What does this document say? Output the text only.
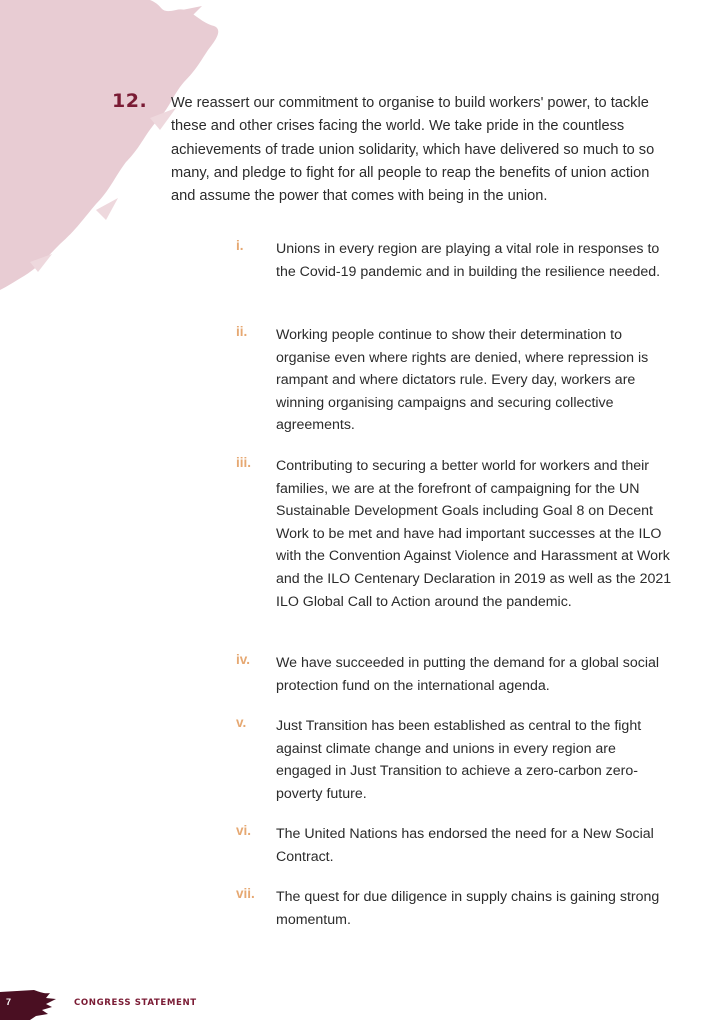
12. We reassert our commitment to organise to build workers' power, to tackle these and other crises facing the world. We take pride in the countless achievements of trade union solidarity, which have delivered so much to so many, and pledge to fight for all people to reap the benefits of union action and assume the power that comes with being in the union.

i. Unions in every region are playing a vital role in responses to the Covid-19 pandemic and in building the resilience needed.

ii. Working people continue to show their determination to organise even where rights are denied, where repression is rampant and where dictators rule. Every day, workers are winning organising campaigns and securing collective agreements.

iii. Contributing to securing a better world for workers and their families, we are at the forefront of campaigning for the UN Sustainable Development Goals including Goal 8 on Decent Work to be met and have had important successes at the ILO with the Convention Against Violence and Harassment at Work and the ILO Centenary Declaration in 2019 as well as the 2021 ILO Global Call to Action around the pandemic.

iv. We have succeeded in putting the demand for a global social protection fund on the international agenda.

v. Just Transition has been established as central to the fight against climate change and unions in every region are engaged in Just Transition to achieve a zero-carbon zero-poverty future.

vi. The United Nations has endorsed the need for a New Social Contract.

vii. The quest for due diligence in supply chains is gaining strong momentum.

7	CONGRESS STATEMENT
